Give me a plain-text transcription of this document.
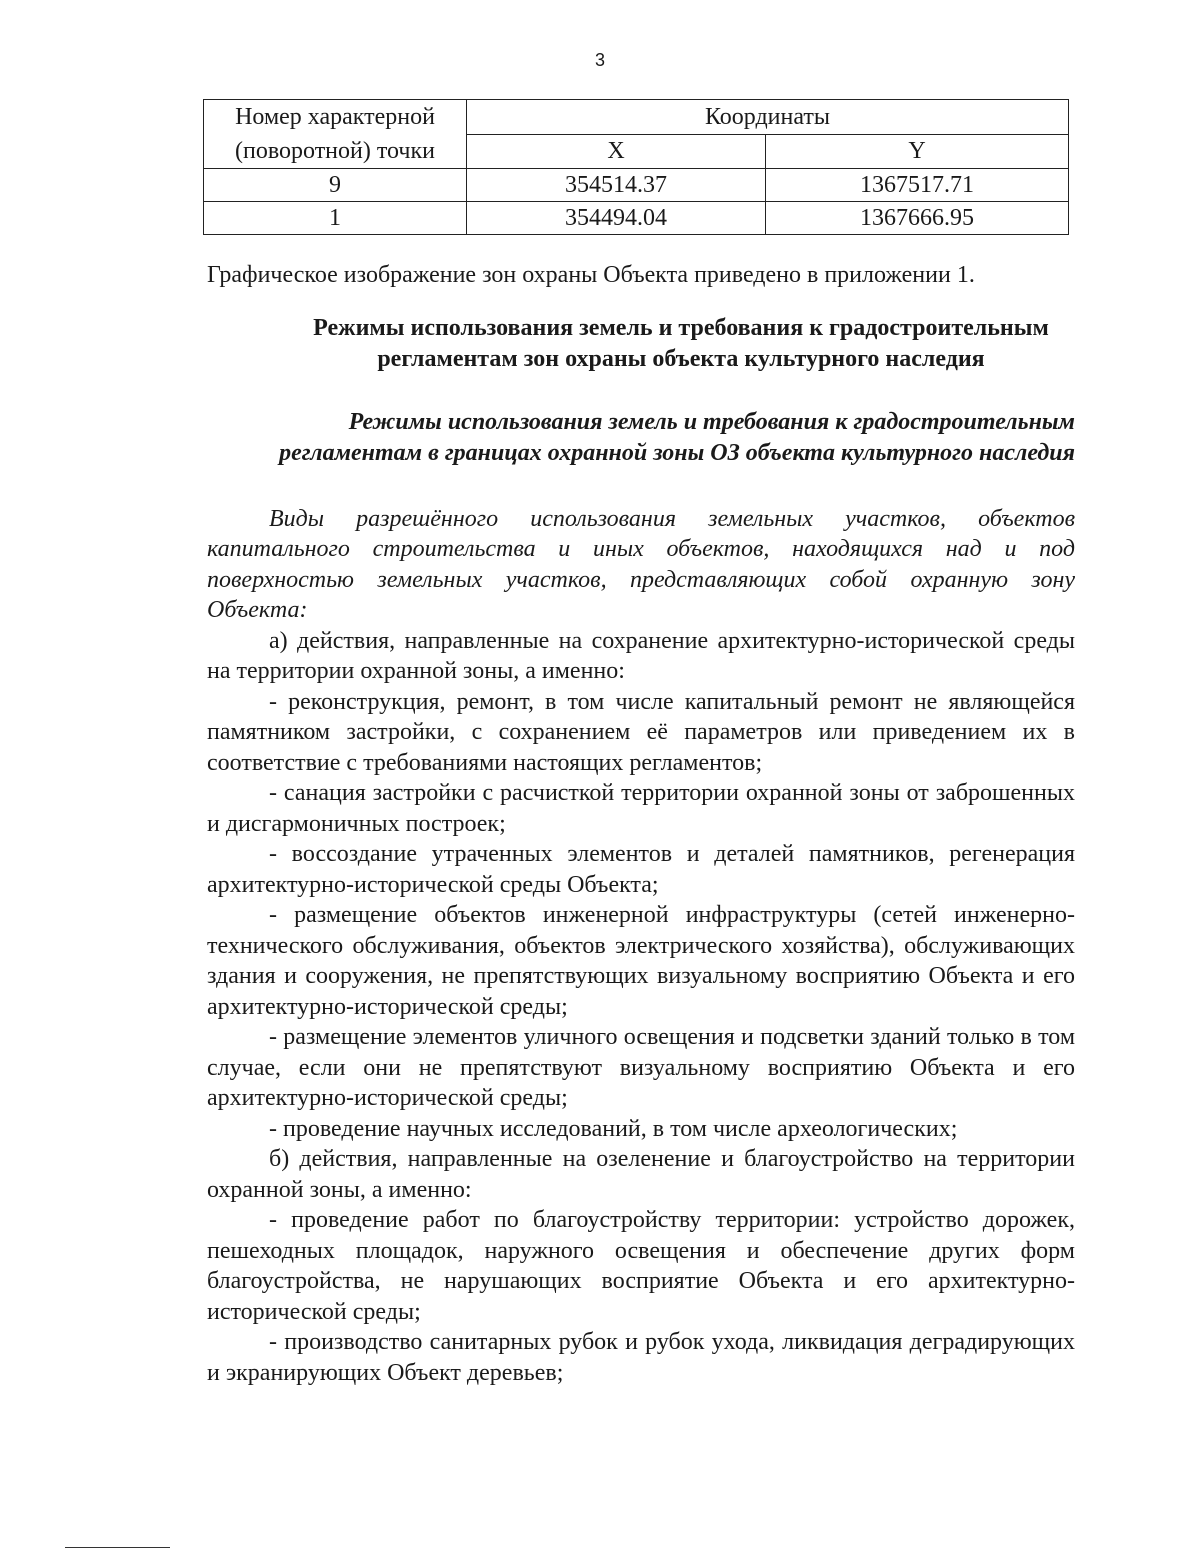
3
Номер характерной (поворотной) точки	Координаты	
	X	Y
9	354514.37	1367517.71
1	354494.04	1367666.95
Графическое изображение зон охраны Объекта приведено в приложении 1.
Режимы использования земель и требования к градостроительным регламентам зон охраны объекта культурного наследия
Режимы использования земель и требования к градостроительным регламентам в границах охранной зоны ОЗ объекта культурного наследия

Виды разрешённого использования земельных участков, объектов капитального строительства и иных объектов, находящихся над и под поверхностью земельных участков, представляющих собой охранную зону Объекта:

а) действия, направленные на сохранение архитектурно-исторической среды на территории охранной зоны, а именно:

- реконструкция, ремонт, в том числе капитальный ремонт не являющейся памятником застройки, с сохранением её параметров или приведением их в соответствие с требованиями настоящих регламентов;

- санация застройки с расчисткой территории охранной зоны от заброшенных и дисгармоничных построек;

- воссоздание утраченных элементов и деталей памятников, регенерация архитектурно-исторической среды Объекта;

- размещение объектов инженерной инфраструктуры (сетей инженерно-технического обслуживания, объектов электрического хозяйства), обслуживающих здания и сооружения, не препятствующих визуальному восприятию Объекта и его архитектурно-исторической среды;

- размещение элементов уличного освещения и подсветки зданий только в том случае, если они не препятствуют визуальному восприятию Объекта и его архитектурно-исторической среды;

- проведение научных исследований, в том числе археологических;

б) действия, направленные на озеленение и благоустройство на территории охранной зоны, а именно:

- проведение работ по благоустройству территории: устройство дорожек, пешеходных площадок, наружного освещения и обеспечение других форм благоустройства, не нарушающих восприятие Объекта и его архитектурно-исторической среды;

- производство санитарных рубок и рубок ухода, ликвидация деградирующих и экранирующих Объект деревьев;
